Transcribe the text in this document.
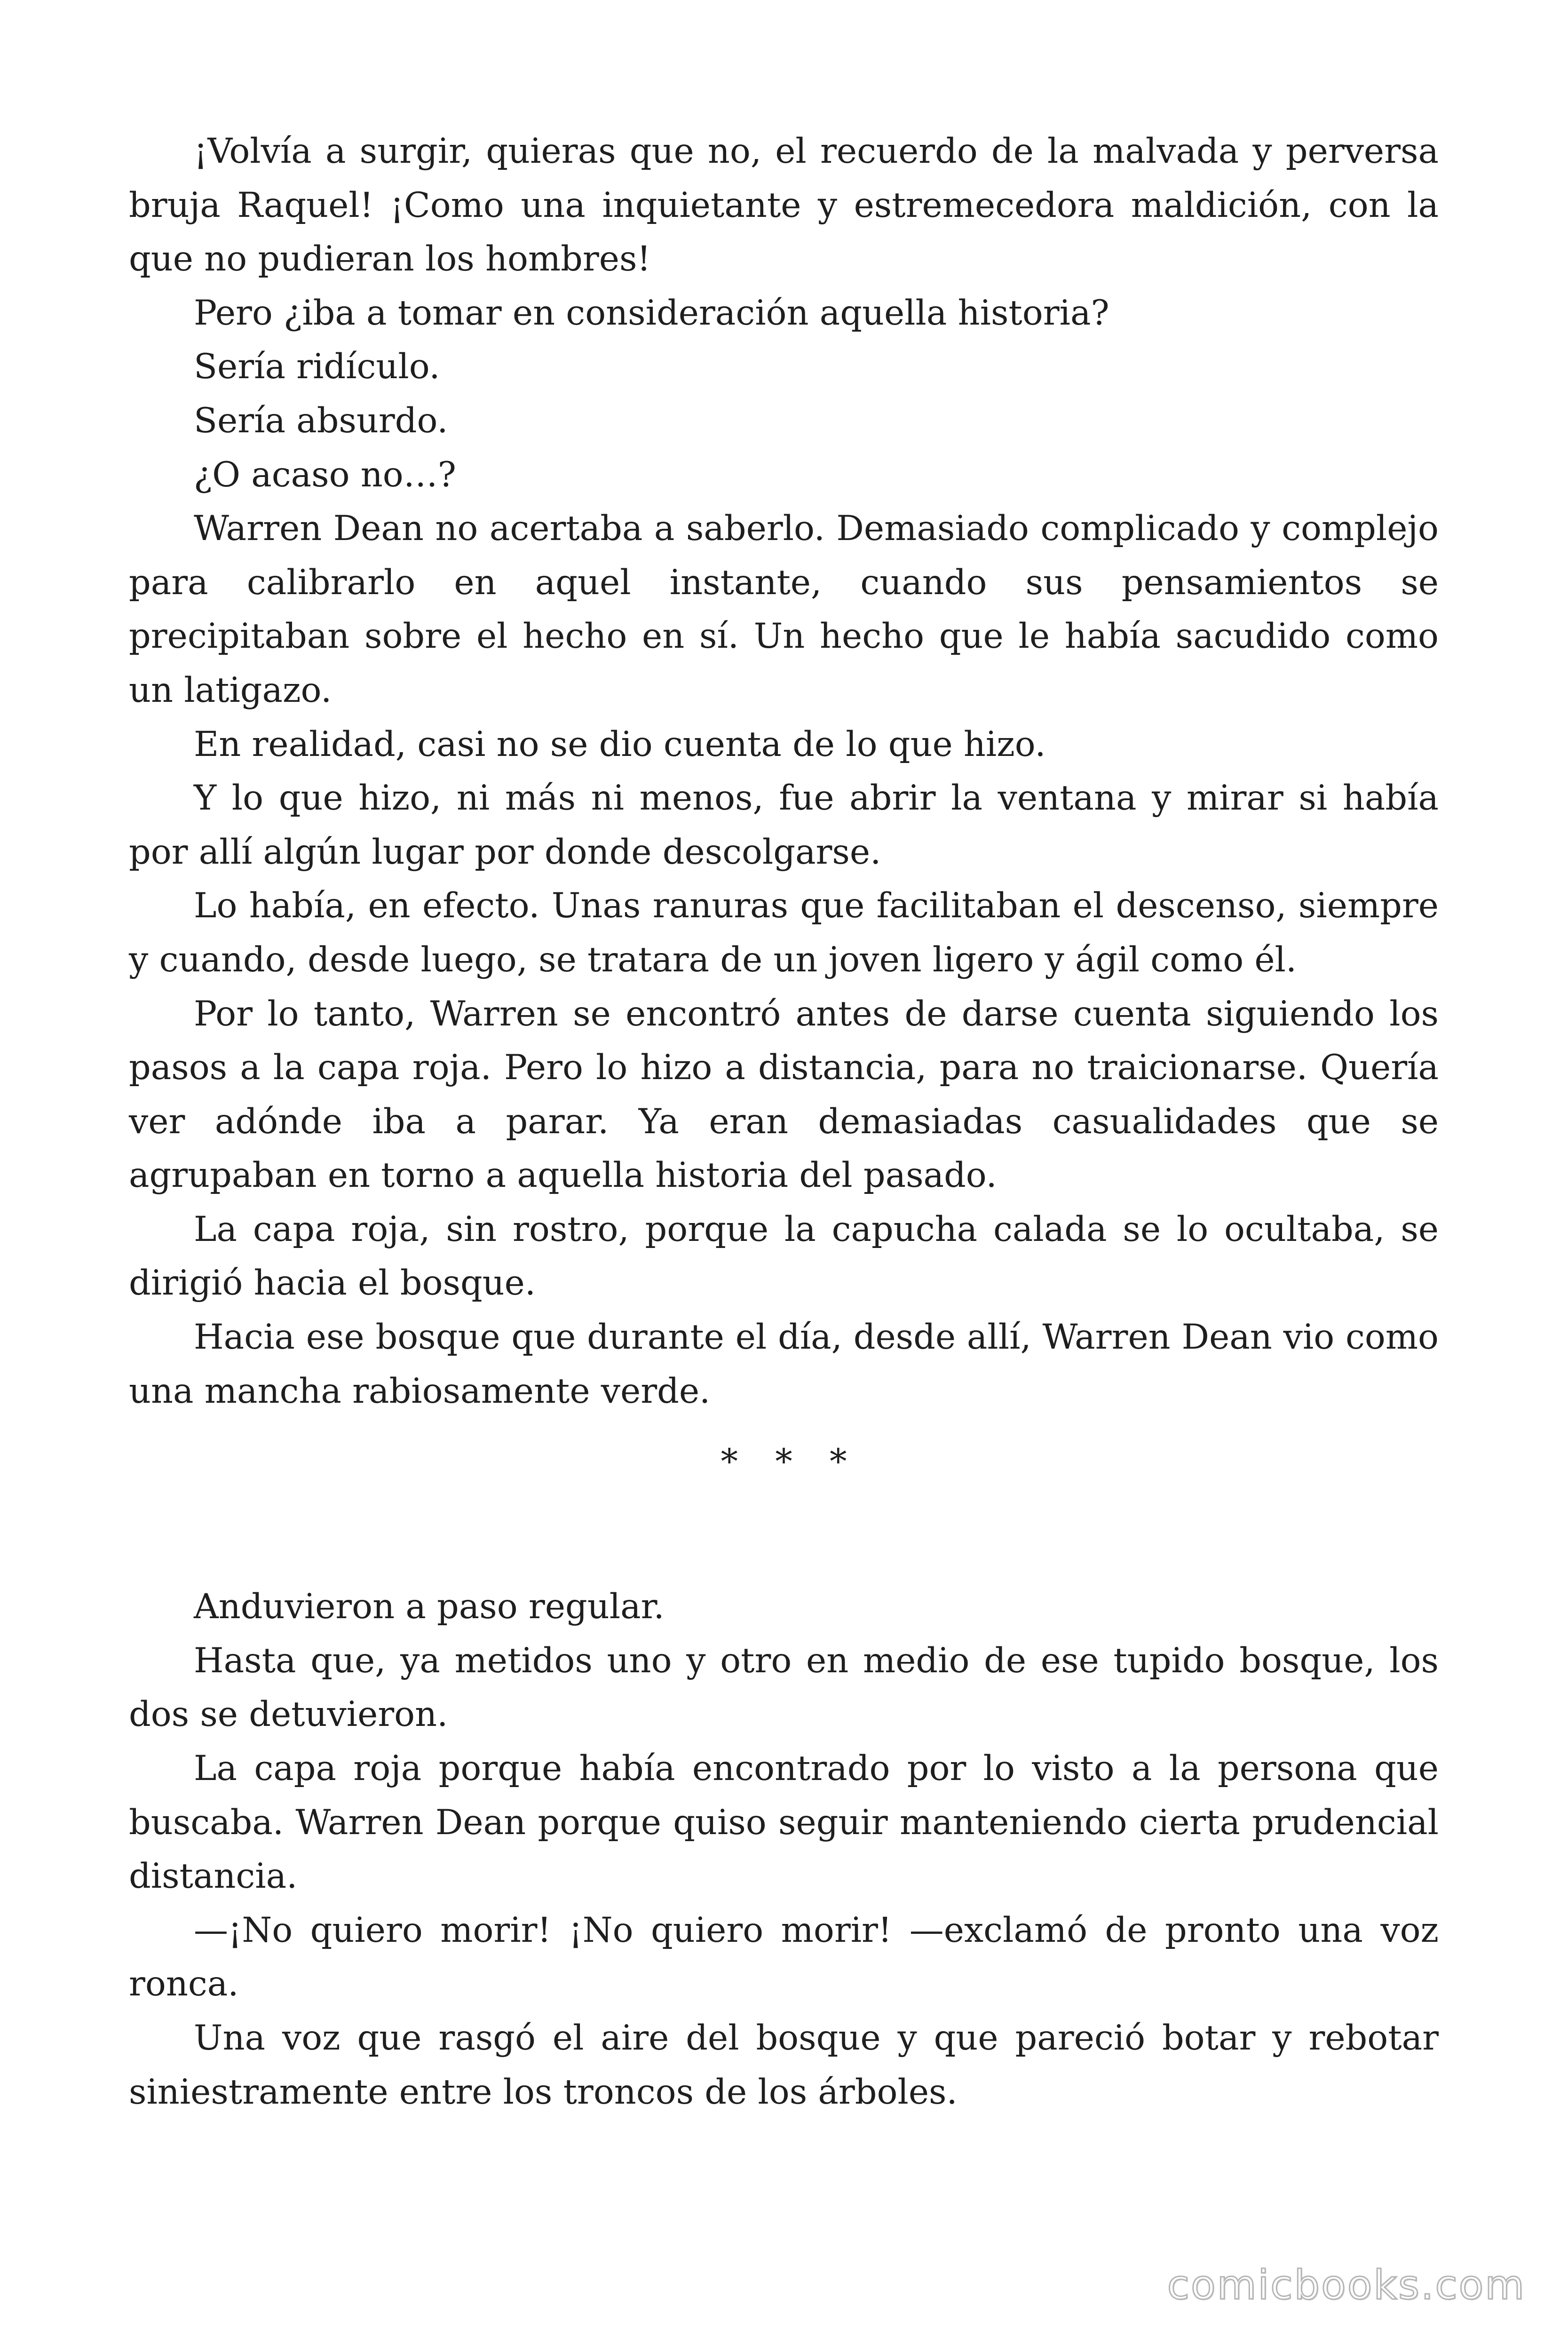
¡Volvía a surgir, quieras que no, el recuerdo de la malvada y perversa bruja Raquel! ¡Como una inquietante y estremecedora maldición, con la que no pudieran los hombres!

Pero ¿iba a tomar en consideración aquella historia?

Sería ridículo.

Sería absurdo.

¿O acaso no…?

Warren Dean no acertaba a saberlo. Demasiado complicado y complejo para calibrarlo en aquel instante, cuando sus pensamientos se precipitaban sobre el hecho en sí. Un hecho que le había sacudido como un latigazo.

En realidad, casi no se dio cuenta de lo que hizo.

Y lo que hizo, ni más ni menos, fue abrir la ventana y mirar si había por allí algún lugar por donde descolgarse.

Lo había, en efecto. Unas ranuras que facilitaban el descenso, siempre y cuando, desde luego, se tratara de un joven ligero y ágil como él.

Por lo tanto, Warren se encontró antes de darse cuenta siguiendo los pasos a la capa roja. Pero lo hizo a distancia, para no traicionarse. Quería ver adónde iba a parar. Ya eran demasiadas casualidades que se agrupaban en torno a aquella historia del pasado.

La capa roja, sin rostro, porque la capucha calada se lo ocultaba, se dirigió hacia el bosque.

Hacia ese bosque que durante el día, desde allí, Warren Dean vio como una mancha rabiosamente verde.

* * *

Anduvieron a paso regular.

Hasta que, ya metidos uno y otro en medio de ese tupido bosque, los dos se detuvieron.

La capa roja porque había encontrado por lo visto a la persona que buscaba. Warren Dean porque quiso seguir manteniendo cierta prudencial distancia.

—¡No quiero morir! ¡No quiero morir! —exclamó de pronto una voz ronca.

Una voz que rasgó el aire del bosque y que pareció botar y rebotar siniestramente entre los troncos de los árboles.

comicbooks.com
